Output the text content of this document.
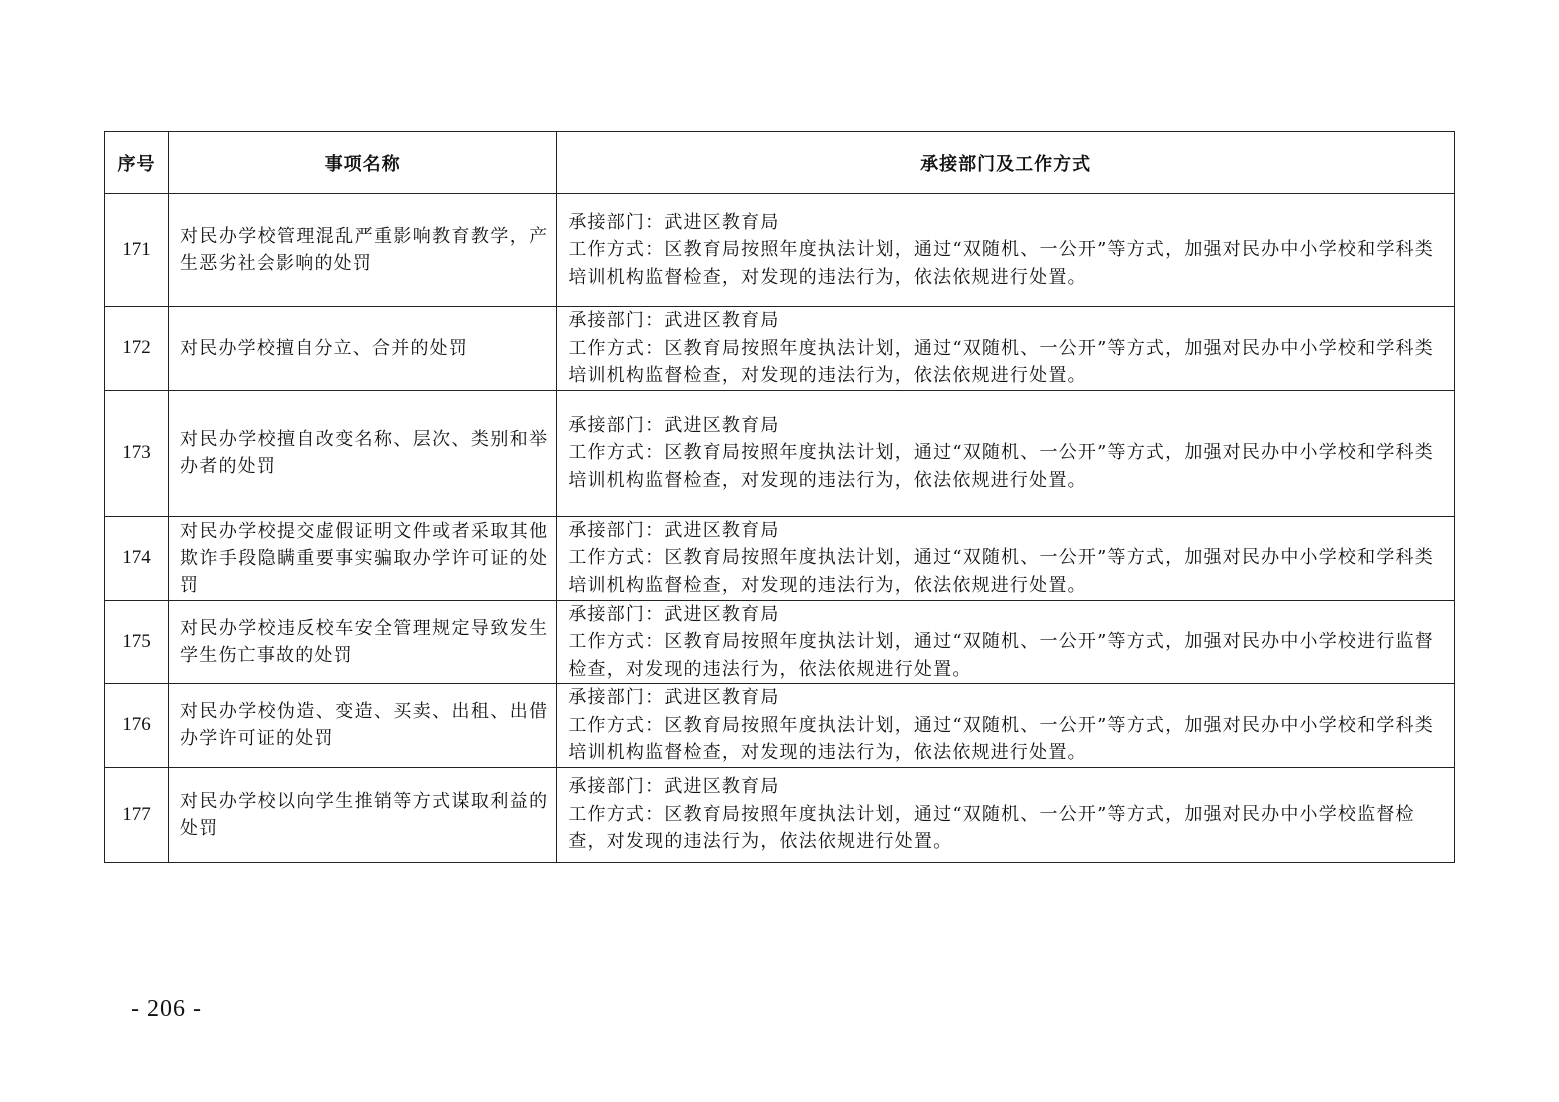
序号	事项名称	承接部门及工作方式
171	对民办学校管理混乱严重影响教育教学，产生恶劣社会影响的处罚	承接部门：武进区教育局
工作方式：区教育局按照年度执法计划，通过“双随机、一公开”等方式，加强对民办中小学校和学科类培训机构监督检查，对发现的违法行为，依法依规进行处置。

172	对民办学校擅自分立、合并的处罚	承接部门：武进区教育局
工作方式：区教育局按照年度执法计划，通过“双随机、一公开”等方式，加强对民办中小学校和学科类培训机构监督检查，对发现的违法行为，依法依规进行处置。

173	对民办学校擅自改变名称、层次、类别和举办者的处罚	承接部门：武进区教育局
工作方式：区教育局按照年度执法计划，通过“双随机、一公开”等方式，加强对民办中小学校和学科类培训机构监督检查，对发现的违法行为，依法依规进行处置。

174	对民办学校提交虚假证明文件或者采取其他欺诈手段隐瞒重要事实骗取办学许可证的处罚	承接部门：武进区教育局
工作方式：区教育局按照年度执法计划，通过“双随机、一公开”等方式，加强对民办中小学校和学科类培训机构监督检查，对发现的违法行为，依法依规进行处置。

175	对民办学校违反校车安全管理规定导致发生学生伤亡事故的处罚	承接部门：武进区教育局
工作方式：区教育局按照年度执法计划，通过“双随机、一公开”等方式，加强对民办中小学校进行监督检查，对发现的违法行为，依法依规进行处置。

176	对民办学校伪造、变造、买卖、出租、出借办学许可证的处罚	承接部门：武进区教育局
工作方式：区教育局按照年度执法计划，通过“双随机、一公开”等方式，加强对民办中小学校和学科类培训机构监督检查，对发现的违法行为，依法依规进行处置。

177	对民办学校以向学生推销等方式谋取利益的处罚	承接部门：武进区教育局
工作方式：区教育局按照年度执法计划，通过“双随机、一公开”等方式，加强对民办中小学校监督检查，对发现的违法行为，依法依规进行处置。
- 206 -
